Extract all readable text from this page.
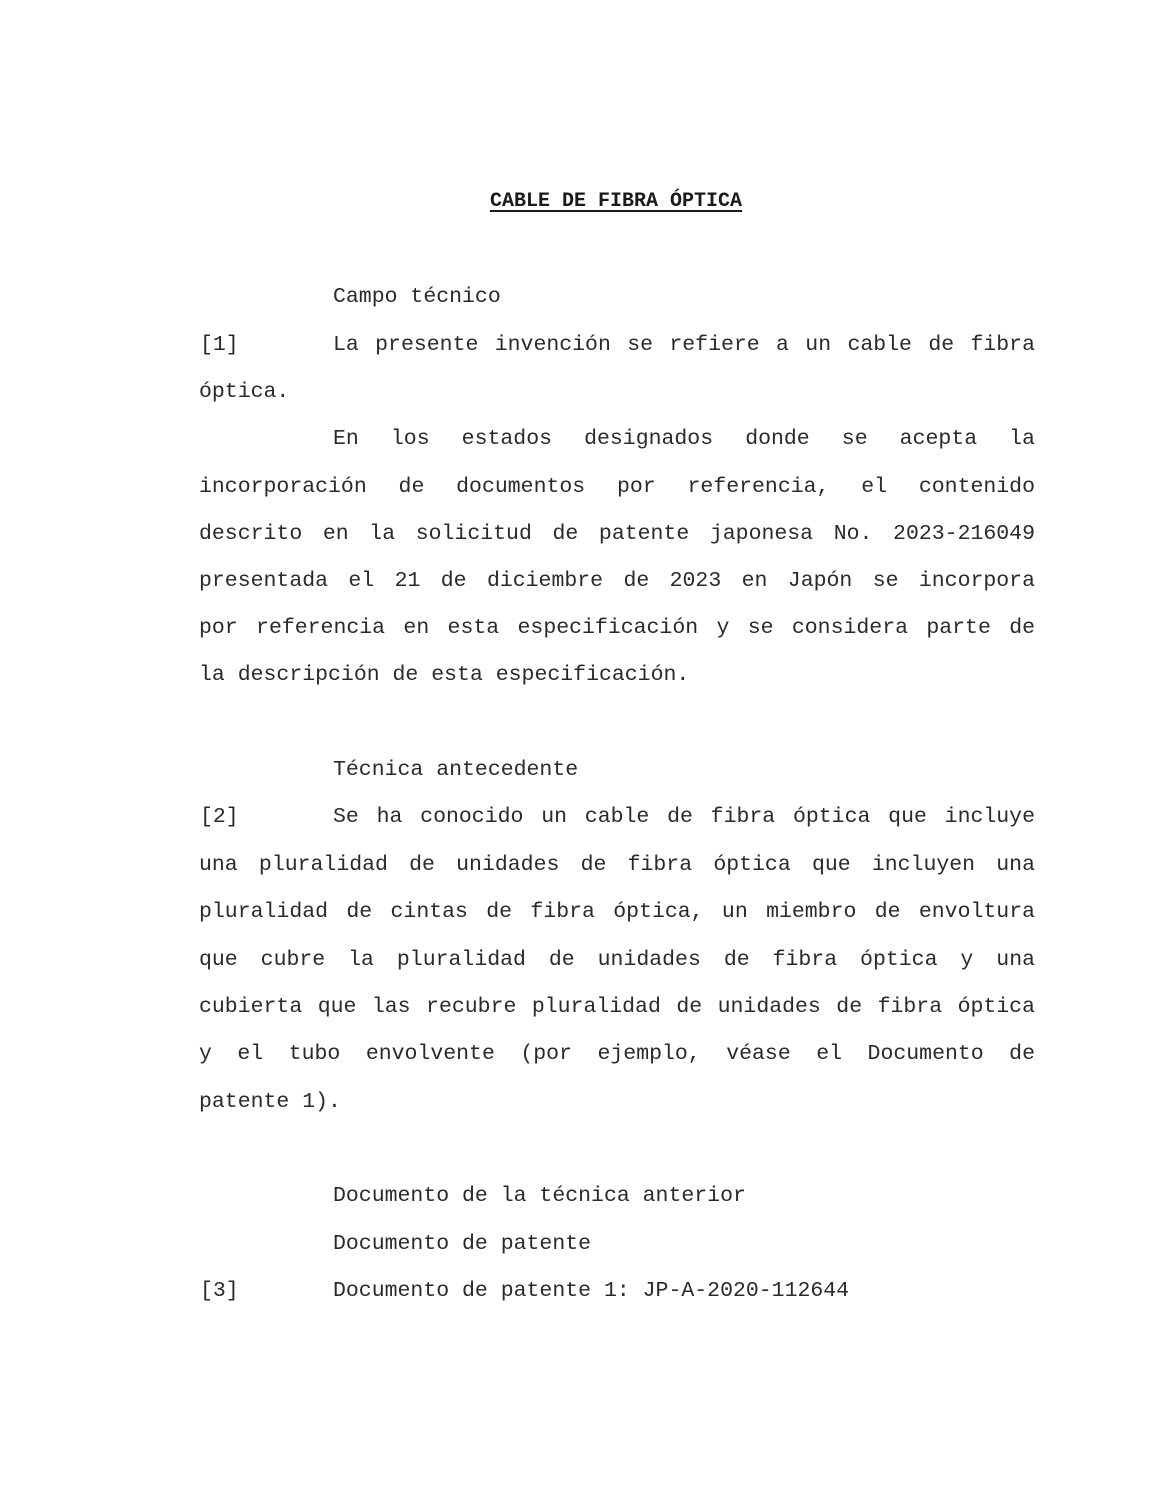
CABLE DE FIBRA ÓPTICA
Campo técnico
[1]	La presente invención se refiere a un cable de fibra
óptica.
En los estados designados donde se acepta la
incorporación de documentos por referencia, el contenido
descrito en la solicitud de patente japonesa No. 2023-216049
presentada el 21 de diciembre de 2023 en Japón se incorpora
por referencia en esta especificación y se considera parte de
la descripción de esta especificación.
Técnica antecedente
[2]	Se ha conocido un cable de fibra óptica que incluye
una pluralidad de unidades de fibra óptica que incluyen una
pluralidad de cintas de fibra óptica, un miembro de envoltura
que cubre la pluralidad de unidades de fibra óptica y una
cubierta que las recubre pluralidad de unidades de fibra óptica
y el tubo envolvente (por ejemplo, véase el Documento de
patente 1).
Documento de la técnica anterior
Documento de patente
[3]	Documento de patente 1: JP-A-2020-112644
